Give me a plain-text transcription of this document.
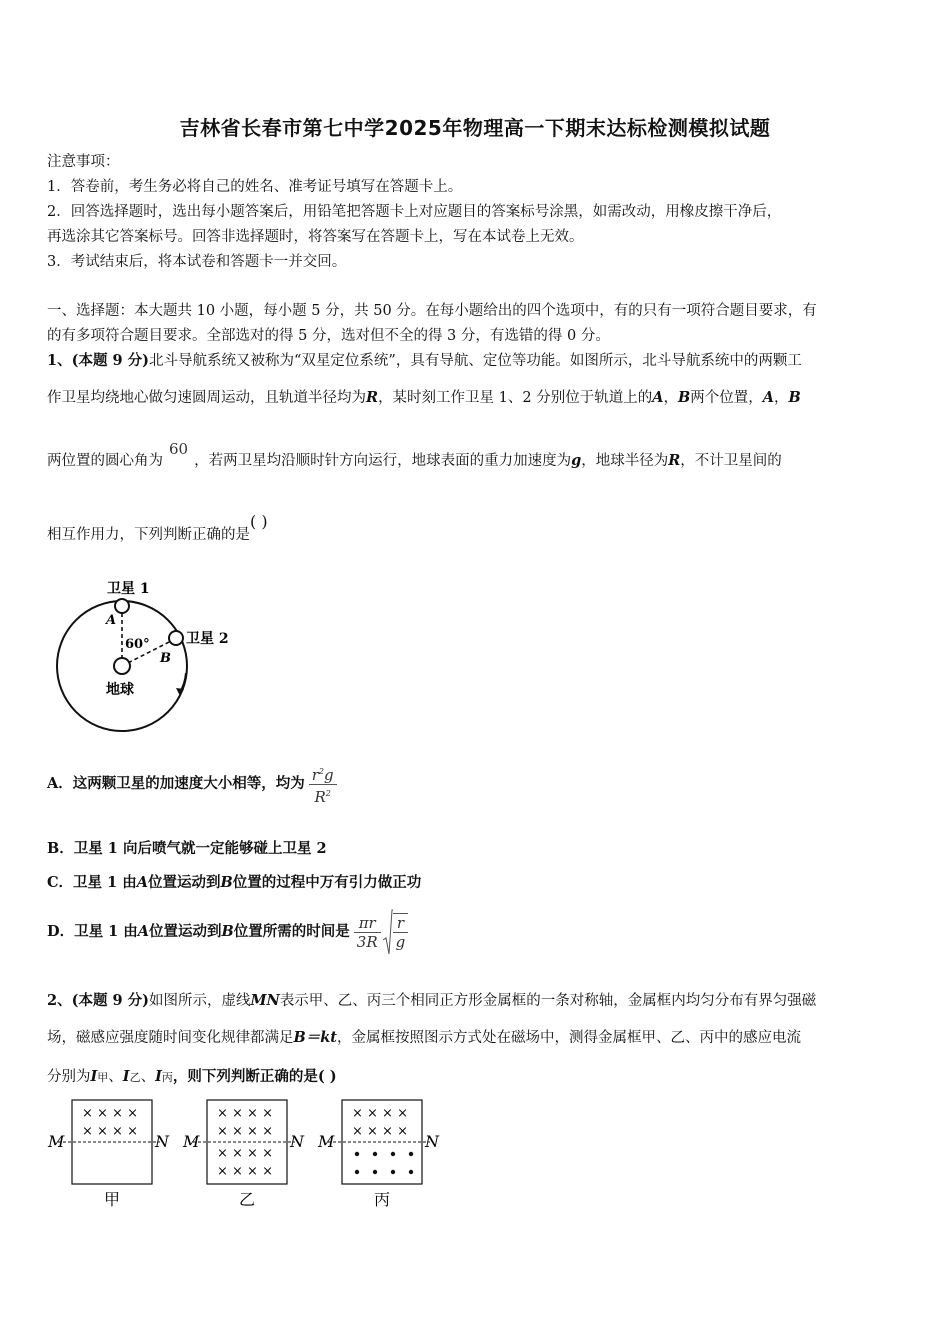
吉林省长春市第七中学2025年物理高一下期末达标检测模拟试题
注意事项：
1．答卷前，考生务必将自己的姓名、准考证号填写在答题卡上。
2．回答选择题时，选出每小题答案后，用铅笔把答题卡上对应题目的答案标号涂黑，如需改动，用橡皮擦干净后，
再选涂其它答案标号。回答非选择题时，将答案写在答题卡上，写在本试卷上无效。
3．考试结束后，将本试卷和答题卡一并交回。
一、选择题：本大题共 10 小题，每小题 5 分，共 50 分。在每小题给出的四个选项中，有的只有一项符合题目要求，有
的有多项符合题目要求。全部选对的得 5 分，选对但不全的得 3 分，有选错的得 0 分。
1、(本题 9 分)北斗导航系统又被称为“双星定位系统”，具有导航、定位等功能。如图所示，北斗导航系统中的两颗工
作卫星均绕地心做匀速圆周运动，且轨道半径均为R，某时刻工作卫星 1、2 分别位于轨道上的A，B两个位置，A，B
两位置的圆心角为60，若两卫星均沿顺时针方向运行，地球表面的重力加速度为g，地球半径为R，不计卫星间的
相互作用力，下列判断正确的是( )
卫星 1
卫星 2
A
B
60°
地球
A．这两颗卫星的加速度大小相等，均为 $\frac{r^2g}{R^2}$
B．卫星 1 向后喷气就一定能够碰上卫星 2
C．卫星 1 由A位置运动到B位置的过程中万有引力做正功
D．卫星 1 由 A 位置运动到 B 位置所需的时间是 $\frac{\pi r}{3R} \frac{r}{g}$
2、(本题 9 分)如图所示，虚线MN表示甲、乙、丙三个相同正方形金属框的一条对称轴，金属框内均匀分布有界匀强磁
场，磁感应强度随时间变化规律都满足B＝kt，金属框按照图示方式处在磁场中，测得金属框甲、乙、丙中的感应电流
分别为I甲、I乙、I丙，则下列判断正确的是( )
× × × ×
× × × ×
M	N
甲
× × × ×
× × × ×
× × × ×
× × × ×
M	N
乙
× × × ×
× × × ×
M	N
丙
